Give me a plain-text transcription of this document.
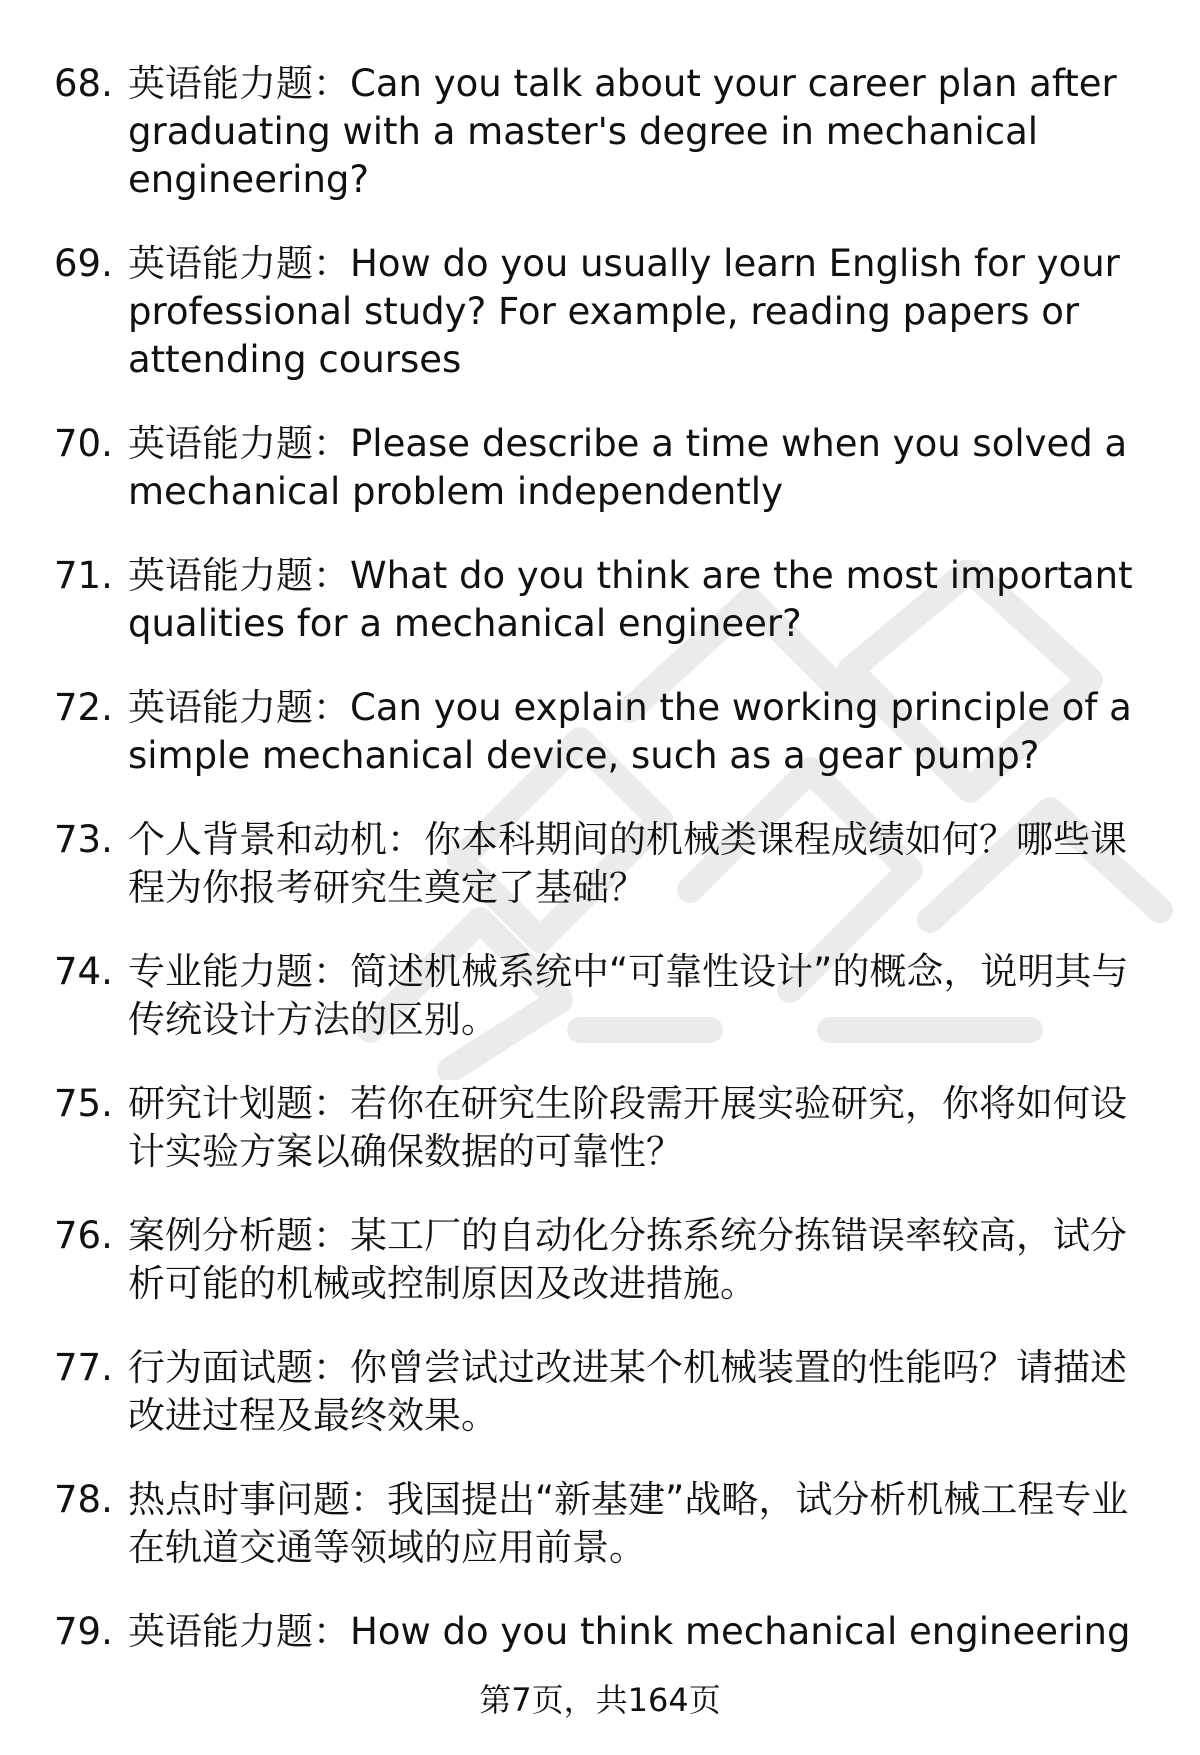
68. 英语能力题：Can you talk about your career plan after graduating with a master's degree in mechanical engineering?
69. 英语能力题：How do you usually learn English for your professional study? For example, reading papers or attending courses
70. 英语能力题：Please describe a time when you solved a mechanical problem independently
71. 英语能力题：What do you think are the most important qualities for a mechanical engineer?
72. 英语能力题：Can you explain the working principle of a simple mechanical device, such as a gear pump?
73. 个人背景和动机：你本科期间的机械类课程成绩如何？哪些课程为你报考研究生奠定了基础？
74. 专业能力题：简述机械系统中“可靠性设计”的概念，说明其与传统设计方法的区别。
75. 研究计划题：若你在研究生阶段需开展实验研究，你将如何设计实验方案以确保数据的可靠性？
76. 案例分析题：某工厂的自动化分拣系统分拣错误率较高，试分析可能的机械或控制原因及改进措施。
77. 行为面试题：你曾尝试过改进某个机械装置的性能吗？请描述改进过程及最终效果。
78. 热点时事问题：我国提出“新基建”战略，试分析机械工程专业在轨道交通等领域的应用前景。
79. 英语能力题：How do you think mechanical engineering
第7页，共164页
